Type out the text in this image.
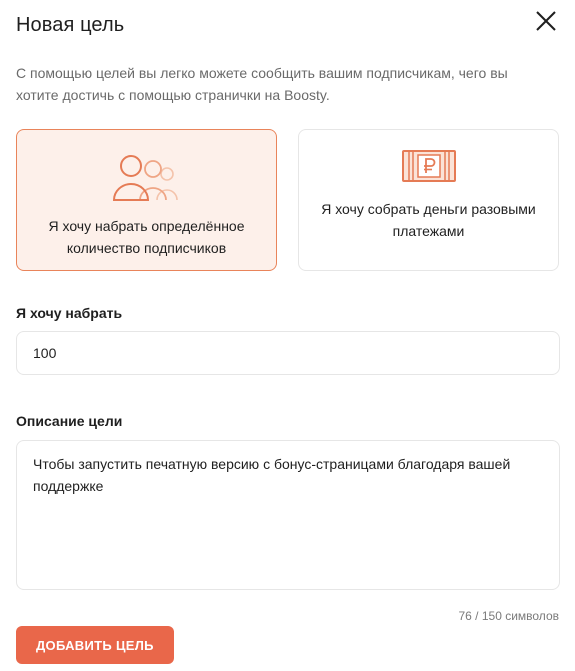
Новая цель
С помощью целей вы легко можете сообщить вашим подписчикам, чего вы хотите достичь с помощью странички на Boosty.
Я хочу набрать определённое количество подписчиков
Я хочу собрать деньги разовыми платежами
Я хочу набрать
100
Описание цели
Чтобы запустить печатную версию с бонус-страницами благодаря вашей поддержке
76 / 150 символов
ДОБАВИТЬ ЦЕЛЬ
